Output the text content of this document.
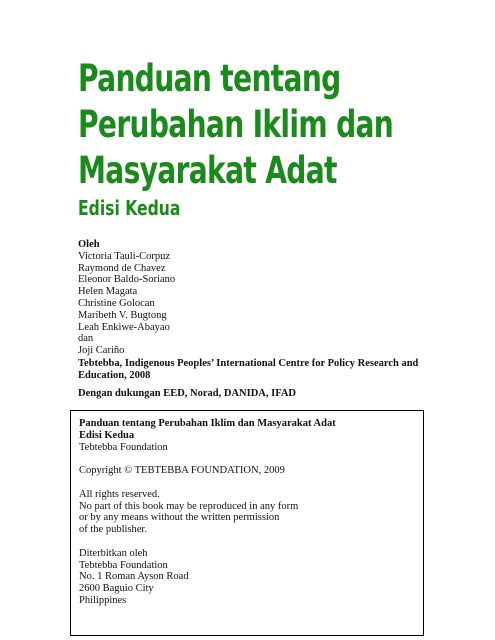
Panduan tentang
Perubahan Iklim dan
Masyarakat Adat
Edisi Kedua
Oleh
Victoria Tauli-Corpuz
Raymond de Chavez
Eleonor Baldo-Soriano
Helen Magata
Christine Golocan
Maribeth V. Bugtong
Leah Enkiwe-Abayao
dan
Joji Cariño
Tebtebba, Indigenous Peoples’ International Centre for Policy Research and Education, 2008
Dengan dukungan EED, Norad, DANIDA, IFAD
Panduan tentang Perubahan Iklim dan Masyarakat Adat
Edisi Kedua
Tebtebba Foundation
Copyright © TEBTEBBA FOUNDATION, 2009
All rights reserved.
No part of this book may be reproduced in any form
or by any means without the written permission
of the publisher.
Diterbitkan oleh
Tebtebba Foundation
No. 1 Roman Ayson Road
2600 Baguio City
Philippines
